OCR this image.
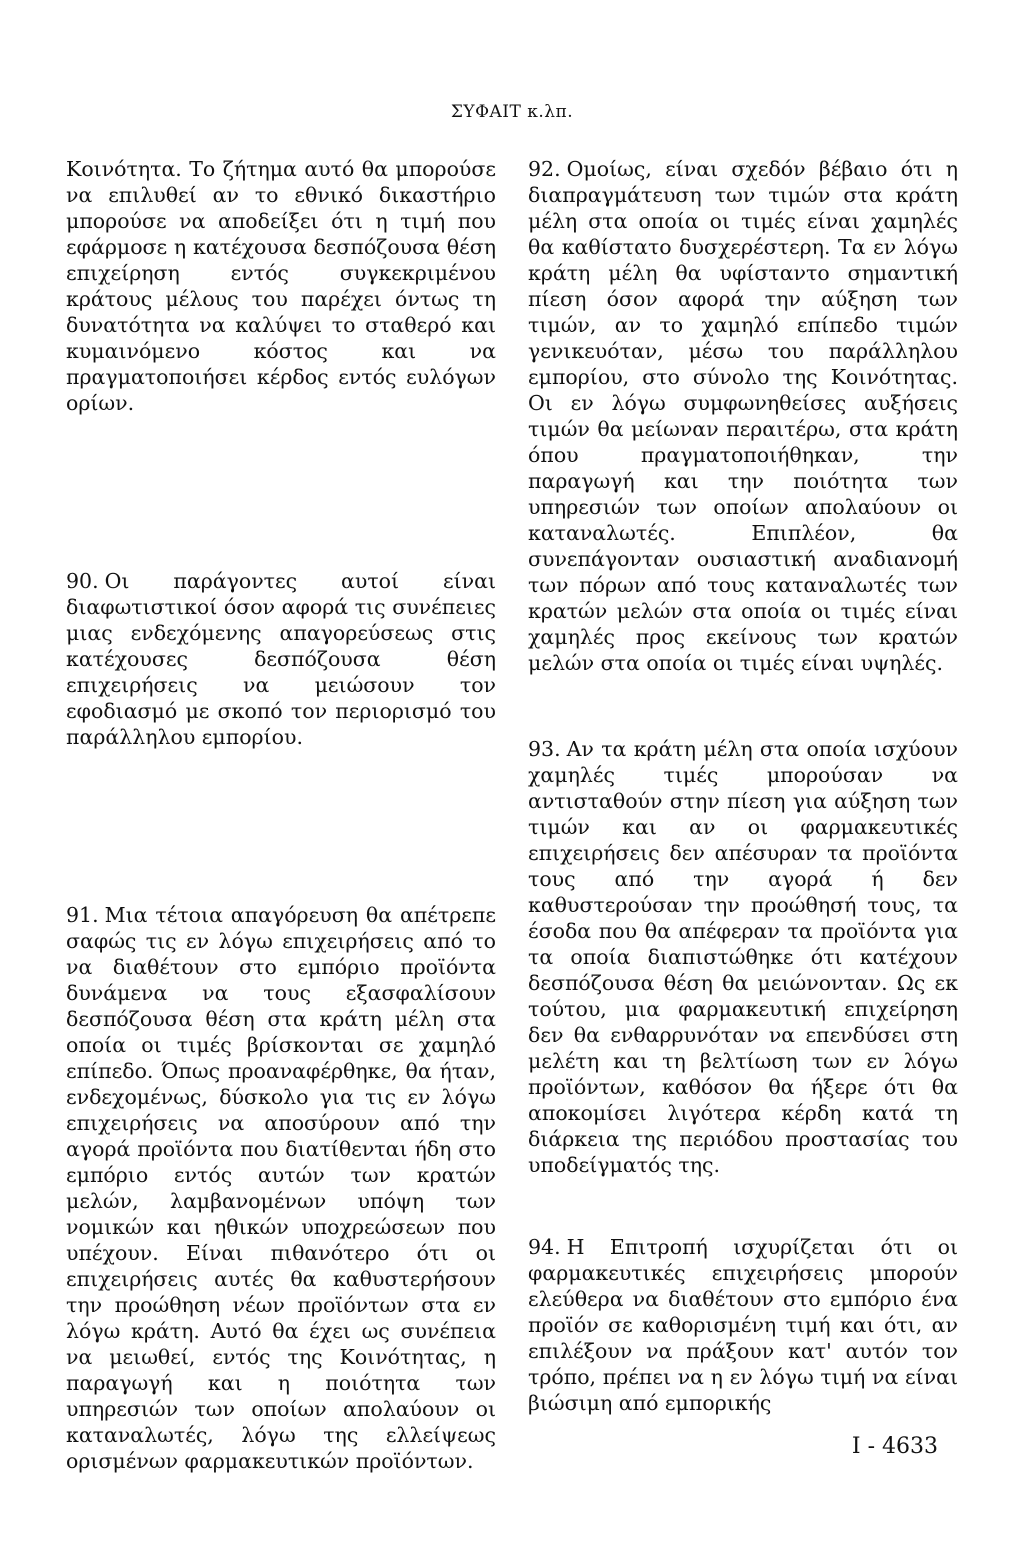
ΣΥΦΑΙΤ κ.λπ.

Κοινότητα. Το ζήτημα αυτό θα μπορούσε να επιλυθεί αν το εθνικό δικαστήριο μπορούσε να αποδείξει ότι η τιμή που εφάρμοσε η κατέχουσα δεσπόζουσα θέση επιχείρηση εντός συγκεκριμένου κράτους μέλους του παρέχει όντως τη δυνατότητα να καλύψει το σταθερό και κυμαινόμενο κόστος και να πραγματοποιήσει κέρδος εντός ευλόγων ορίων.

90. Οι παράγοντες αυτοί είναι διαφωτιστικοί όσον αφορά τις συνέπειες μιας ενδεχόμενης απαγορεύσεως στις κατέχουσες δεσπόζουσα θέση επιχειρήσεις να μειώσουν τον εφοδιασμό με σκοπό τον περιορισμό του παράλληλου εμπορίου.

91. Μια τέτοια απαγόρευση θα απέτρεπε σαφώς τις εν λόγω επιχειρήσεις από το να διαθέτουν στο εμπόριο προϊόντα δυνάμενα να τους εξασφαλίσουν δεσπόζουσα θέση στα κράτη μέλη στα οποία οι τιμές βρίσκονται σε χαμηλό επίπεδο. Όπως προαναφέρθηκε, θα ήταν, ενδεχομένως, δύσκολο για τις εν λόγω επιχειρήσεις να αποσύρουν από την αγορά προϊόντα που διατίθενται ήδη στο εμπόριο εντός αυτών των κρατών μελών, λαμβανομένων υπόψη των νομικών και ηθικών υποχρεώσεων που υπέχουν. Είναι πιθανότερο ότι οι επιχειρήσεις αυτές θα καθυστερήσουν την προώθηση νέων προϊόντων στα εν λόγω κράτη. Αυτό θα έχει ως συνέπεια να μειωθεί, εντός της Κοινότητας, η παραγωγή και η ποιότητα των υπηρεσιών των οποίων απολαύουν οι καταναλωτές, λόγω της ελλείψεως ορισμένων φαρμακευτικών προϊόντων.

92. Ομοίως, είναι σχεδόν βέβαιο ότι η διαπραγμάτευση των τιμών στα κράτη μέλη στα οποία οι τιμές είναι χαμηλές θα καθίστατο δυσχερέστερη. Τα εν λόγω κράτη μέλη θα υφίσταντο σημαντική πίεση όσον αφορά την αύξηση των τιμών, αν το χαμηλό επίπεδο τιμών γενικευόταν, μέσω του παράλληλου εμπορίου, στο σύνολο της Κοινότητας. Οι εν λόγω συμφωνηθείσες αυξήσεις τιμών θα μείωναν περαιτέρω, στα κράτη όπου πραγματοποιήθηκαν, την παραγωγή και την ποιότητα των υπηρεσιών των οποίων απολαύουν οι καταναλωτές. Επιπλέον, θα συνεπάγονταν ουσιαστική αναδιανομή των πόρων από τους καταναλωτές των κρατών μελών στα οποία οι τιμές είναι χαμηλές προς εκείνους των κρατών μελών στα οποία οι τιμές είναι υψηλές.

93. Αν τα κράτη μέλη στα οποία ισχύουν χαμηλές τιμές μπορούσαν να αντισταθούν στην πίεση για αύξηση των τιμών και αν οι φαρμακευτικές επιχειρήσεις δεν απέσυραν τα προϊόντα τους από την αγορά ή δεν καθυστερούσαν την προώθησή τους, τα έσοδα που θα απέφεραν τα προϊόντα για τα οποία διαπιστώθηκε ότι κατέχουν δεσπόζουσα θέση θα μειώνονταν. Ως εκ τούτου, μια φαρμακευτική επιχείρηση δεν θα ενθαρρυνόταν να επενδύσει στη μελέτη και τη βελτίωση των εν λόγω προϊόντων, καθόσον θα ήξερε ότι θα αποκομίσει λιγότερα κέρδη κατά τη διάρκεια της περιόδου προστασίας του υποδείγματός της.

94. Η Επιτροπή ισχυρίζεται ότι οι φαρμακευτικές επιχειρήσεις μπορούν ελεύθερα να διαθέτουν στο εμπόριο ένα προϊόν σε καθορισμένη τιμή και ότι, αν επιλέξουν να πράξουν κατ' αυτόν τον τρόπο, πρέπει να η εν λόγω τιμή να είναι βιώσιμη από εμπορικής

I - 4633
